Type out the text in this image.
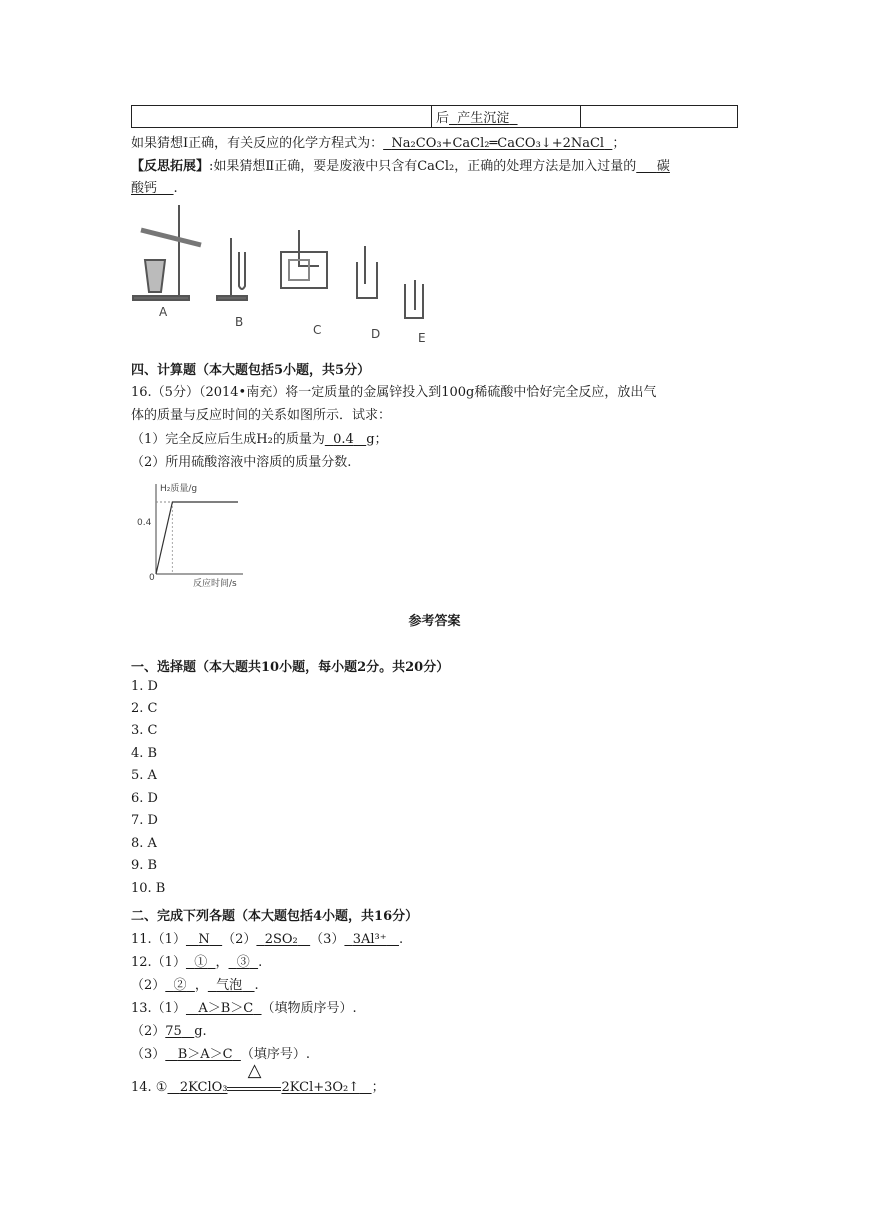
	后 产生沉淀	
如果猜想Ⅰ正确，有关反应的化学方程式为： Na₂CO₃+CaCl₂═CaCO₃↓+2NaCl ；
【反思拓展】:如果猜想Ⅱ正确，要是废液中只含有CaCl₂，正确的处理方法是加入过量的 碳
酸钙 .
A
B
C	D	E
四、计算题（本大题包括5小题，共5分）
16.（5分）（2014•南充）将一定质量的金属锌投入到100g稀硫酸中恰好完全反应，放出气
体的质量与反应时间的关系如图所示．试求：
（1）完全反应后生成H₂的质量为 0.4 g；
（2）所用硫酸溶液中溶质的质量分数.
H₂质量/g
反应时间/s
0.4
0
参考答案
一、选择题（本大题共10小题，每小题2分。共20分）
1. D
2. C
3. C
4. B
5. A
6. D
7. D
8. A
9. B
10. B
二、完成下列各题（本大题包括4小题，共16分）
11.（1） N （2） 2SO₂ （3） 3Al³⁺ .
12.（1） ① ， ③ .
（2） ② ， 气泡 .
13.（1） A＞B＞C （填物质序号）.
（2）75 g.
（3） B＞A＞C （填序号）.
14. ① 2KClO₃
△
2KCl+3O₂↑ ；
